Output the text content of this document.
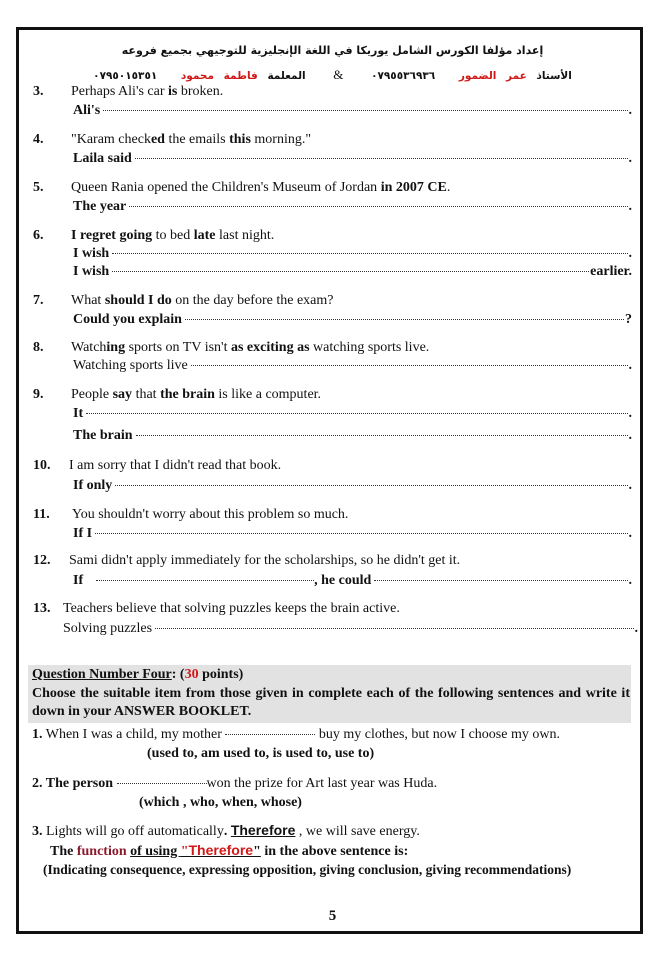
إعداد مؤلفا الكورس الشامل يوريكا في اللغة الإنجليزية للتوجيهي بجميع فروعه
الأستاذ عمر الضمور ٠٧٩٥٥٣٦٩٣٦ & المعلمة فاطمة محمود ٠٧٩٥٠١٥٣٥١
3. Perhaps Ali's car is broken.
Ali's	.
4. "Karam checked the emails this morning."
Laila said	.
5. Queen Rania opened the Children's Museum of Jordan in 2007 CE.
The year	.
6. I regret going to bed late last night.
I wish	.
I wish	earlier.
7. What should I do on the day before the exam?
Could you explain	?
8. Watching sports on TV isn't as exciting as watching sports live.
Watching sports live	.
9. People say that the brain is like a computer.
It	.
The brain	.
10. I am sorry that I didn't read that book.
If only	.
11. You shouldn't worry about this problem so much.
If I	.
12. Sami didn't apply immediately for the scholarships, so he didn't get it.
If	, he could	.
13. Teachers believe that solving puzzles keeps the brain active.
Solving puzzles	.
Question Number Four: (30 points)
Choose the suitable item from those given in complete each of the following sentences and write it down in your ANSWER BOOKLET.
1. When I was a child, my mother	buy my clothes, but now I choose my own.
(used to, am used to, is used to, use to)
2. The person	won the prize for Art last year was Huda.
(which , who, when, whose)
3. Lights will go off automatically. Therefore , we will save energy.
The function of using "Therefore" in the above sentence is:
(Indicating consequence, expressing opposition, giving conclusion, giving recommendations)
5
